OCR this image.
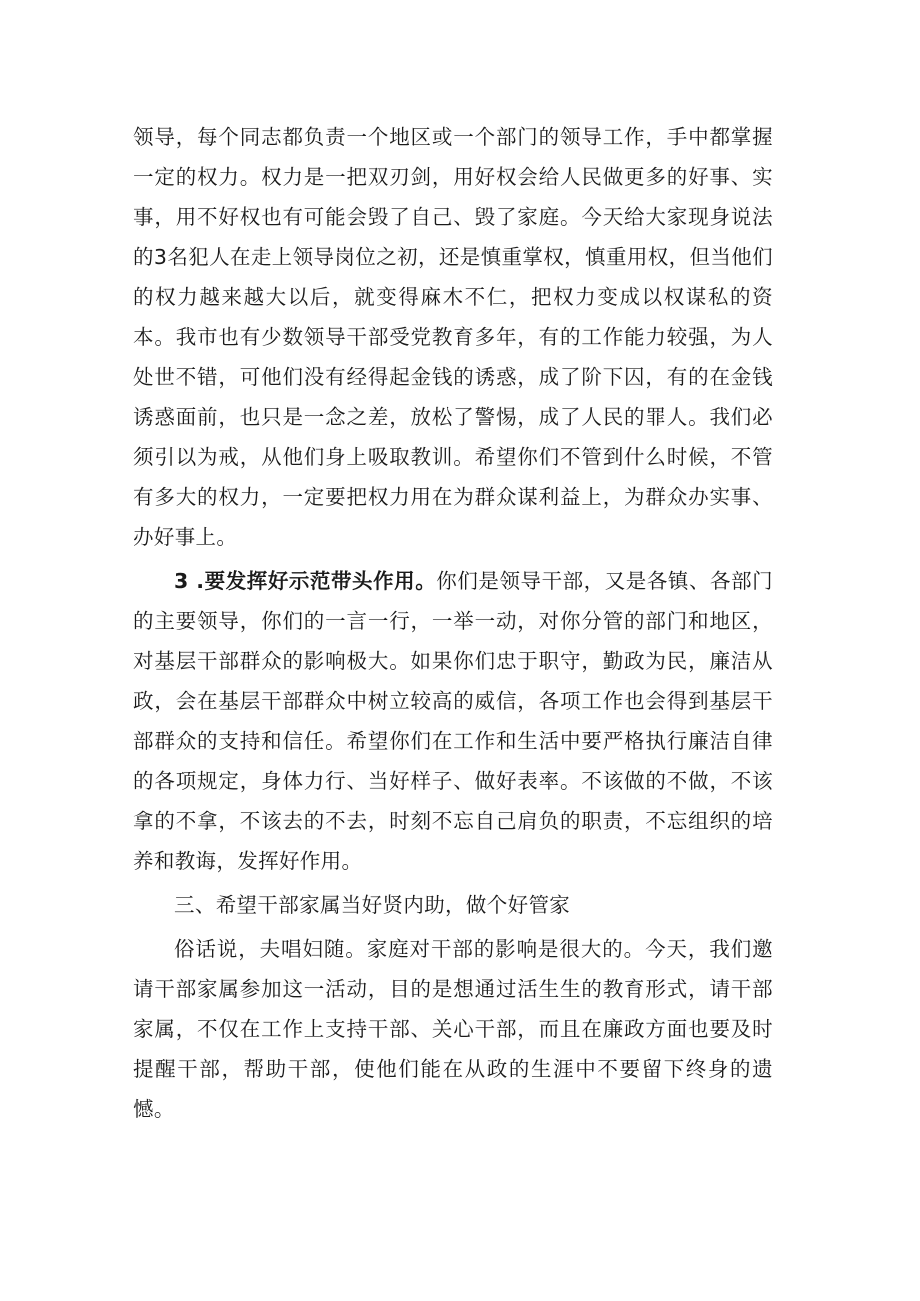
领导，每个同志都负责一个地区或一个部门的领导工作，手中都掌握一定的权力。权力是一把双刃剑，用好权会给人民做更多的好事、实事，用不好权也有可能会毁了自己、毁了家庭。今天给大家现身说法的3名犯人在走上领导岗位之初，还是慎重掌权，慎重用权，但当他们的权力越来越大以后，就变得麻木不仁，把权力变成以权谋私的资本。我市也有少数领导干部受党教育多年，有的工作能力较强，为人处世不错，可他们没有经得起金钱的诱惑，成了阶下囚，有的在金钱诱惑面前，也只是一念之差，放松了警惕，成了人民的罪人。我们必须引以为戒，从他们身上吸取教训。希望你们不管到什么时候，不管有多大的权力，一定要把权力用在为群众谋利益上，为群众办实事、办好事上。

3 .要发挥好示范带头作用。你们是领导干部，又是各镇、各部门的主要领导，你们的一言一行，一举一动，对你分管的部门和地区，对基层干部群众的影响极大。如果你们忠于职守，勤政为民，廉洁从政，会在基层干部群众中树立较高的威信，各项工作也会得到基层干部群众的支持和信任。希望你们在工作和生活中要严格执行廉洁自律的各项规定，身体力行、当好样子、做好表率。不该做的不做，不该拿的不拿，不该去的不去，时刻不忘自己肩负的职责，不忘组织的培养和教诲，发挥好作用。

三、希望干部家属当好贤内助，做个好管家

俗话说，夫唱妇随。家庭对干部的影响是很大的。今天，我们邀请干部家属参加这一活动，目的是想通过活生生的教育形式，请干部家属，不仅在工作上支持干部、关心干部，而且在廉政方面也要及时提醒干部，帮助干部，使他们能在从政的生涯中不要留下终身的遗憾。
